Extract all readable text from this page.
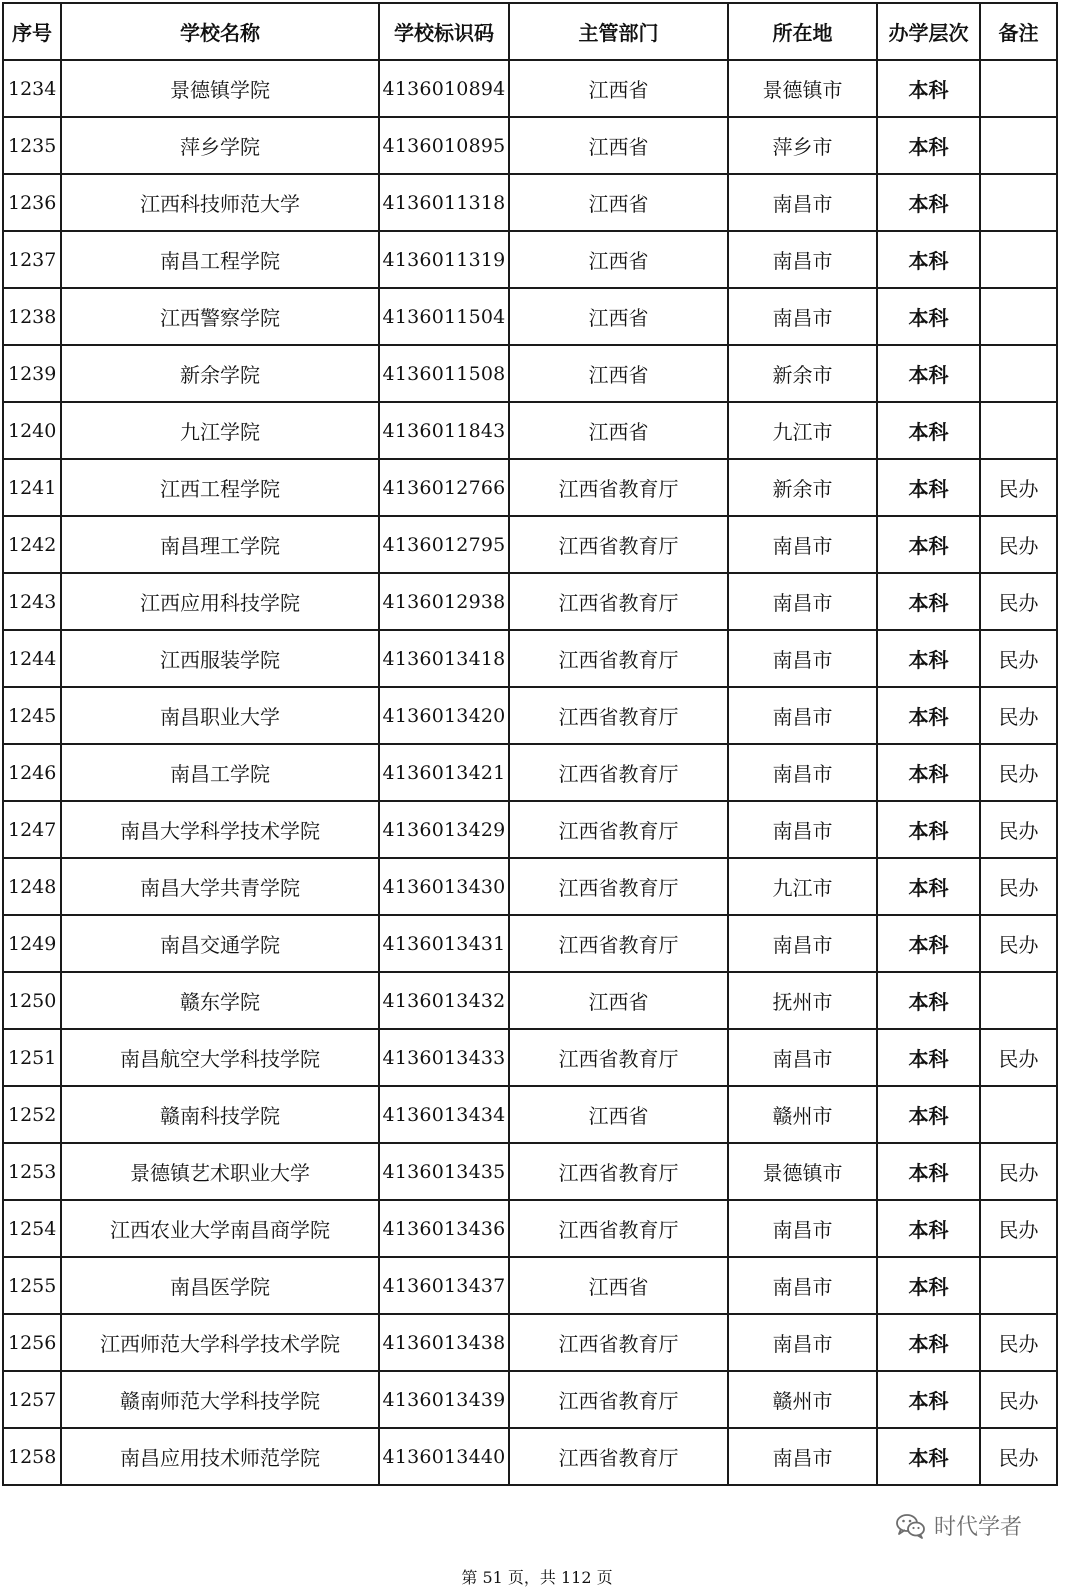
序号	学校名称	学校标识码	主管部门	所在地	办学层次	备注
1234	景德镇学院	4136010894	江西省	景德镇市	本科	
1235	萍乡学院	4136010895	江西省	萍乡市	本科	
1236	江西科技师范大学	4136011318	江西省	南昌市	本科	
1237	南昌工程学院	4136011319	江西省	南昌市	本科	
1238	江西警察学院	4136011504	江西省	南昌市	本科	
1239	新余学院	4136011508	江西省	新余市	本科	
1240	九江学院	4136011843	江西省	九江市	本科	
1241	江西工程学院	4136012766	江西省教育厅	新余市	本科	民办
1242	南昌理工学院	4136012795	江西省教育厅	南昌市	本科	民办
1243	江西应用科技学院	4136012938	江西省教育厅	南昌市	本科	民办
1244	江西服装学院	4136013418	江西省教育厅	南昌市	本科	民办
1245	南昌职业大学	4136013420	江西省教育厅	南昌市	本科	民办
1246	南昌工学院	4136013421	江西省教育厅	南昌市	本科	民办
1247	南昌大学科学技术学院	4136013429	江西省教育厅	南昌市	本科	民办
1248	南昌大学共青学院	4136013430	江西省教育厅	九江市	本科	民办
1249	南昌交通学院	4136013431	江西省教育厅	南昌市	本科	民办
1250	赣东学院	4136013432	江西省	抚州市	本科	
1251	南昌航空大学科技学院	4136013433	江西省教育厅	南昌市	本科	民办
1252	赣南科技学院	4136013434	江西省	赣州市	本科	
1253	景德镇艺术职业大学	4136013435	江西省教育厅	景德镇市	本科	民办
1254	江西农业大学南昌商学院	4136013436	江西省教育厅	南昌市	本科	民办
1255	南昌医学院	4136013437	江西省	南昌市	本科	
1256	江西师范大学科学技术学院	4136013438	江西省教育厅	南昌市	本科	民办
1257	赣南师范大学科技学院	4136013439	江西省教育厅	赣州市	本科	民办
1258	南昌应用技术师范学院	4136013440	江西省教育厅	南昌市	本科	民办
时代学者
第 51 页，共 112 页
